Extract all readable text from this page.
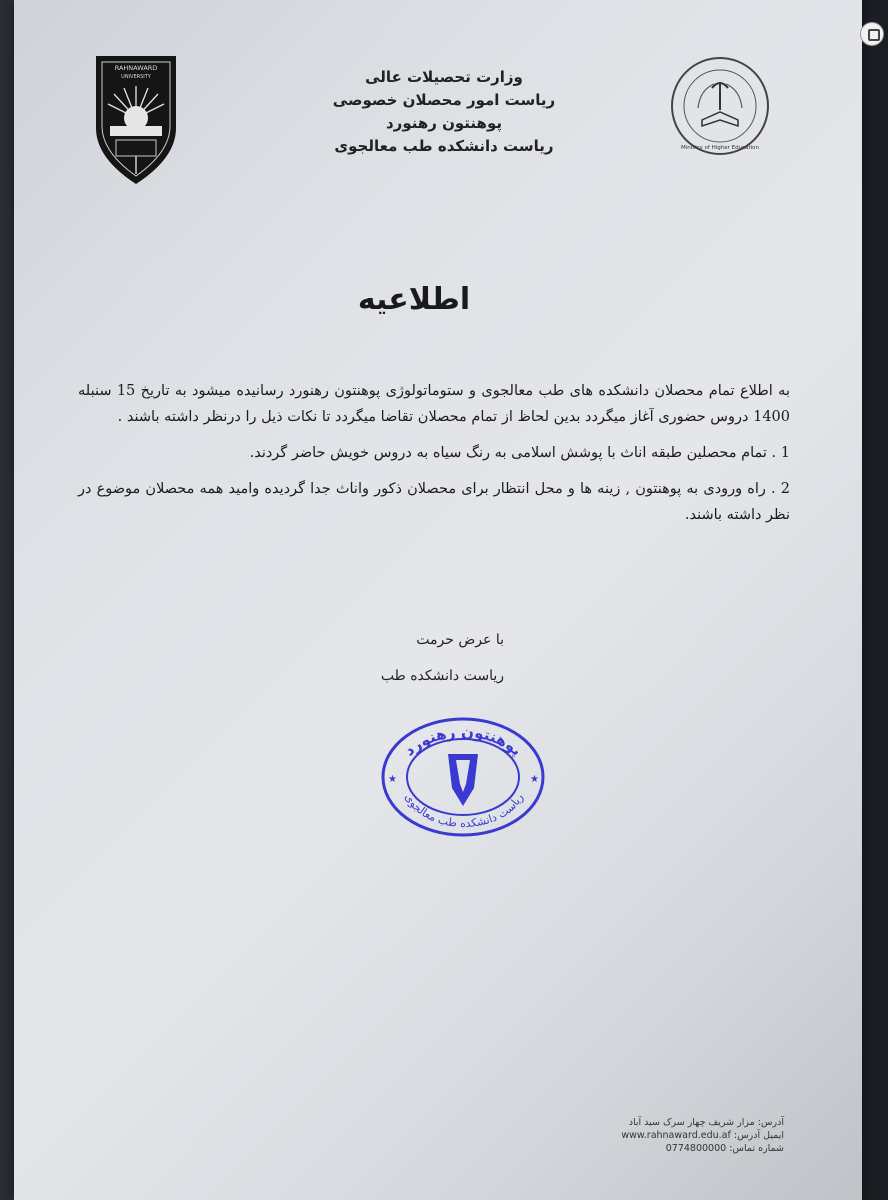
RAHNAWARD
UNIVERSITY	وزارت تحصیلات عالی
ریاست امور محصلان خصوصی
پوهنتون رهنورد
ریاست دانشکده طب معالجوی	Ministry of Higher Education
اطلاعیه
به اطلاع تمام محصلان دانشکده های طب معالجوی و ستوماتولوژی پوهنتون رهنورد رسانیده میشود به تاریخ 15 سنبله 1400 دروس حضوری آغاز میگردد بدین لحاظ از تمام محصلان تقاضا میگردد تا نکات ذیل را درنظر داشته باشند .
1 . تمام محصلین طبقه اناث با پوشش اسلامی به رنگ سیاه به دروس خویش حاضر گردند.
2 . راه ورودی به پوهنتون , زینه ها و محل انتظار برای محصلان ذکور واناث جدا گردیده وامید همه محصلان موضوع در نظر داشته باشند.
با عرض حرمت
ریاست دانشکده طب
پوهنتون رهنورد
ریاست دانشکده طب معالجوی
★	★
آدرس: مزار شریف چهار سرک سید آباد
ایمیل آدرس: www.rahnaward.edu.af
شماره تماس: 0774800000
